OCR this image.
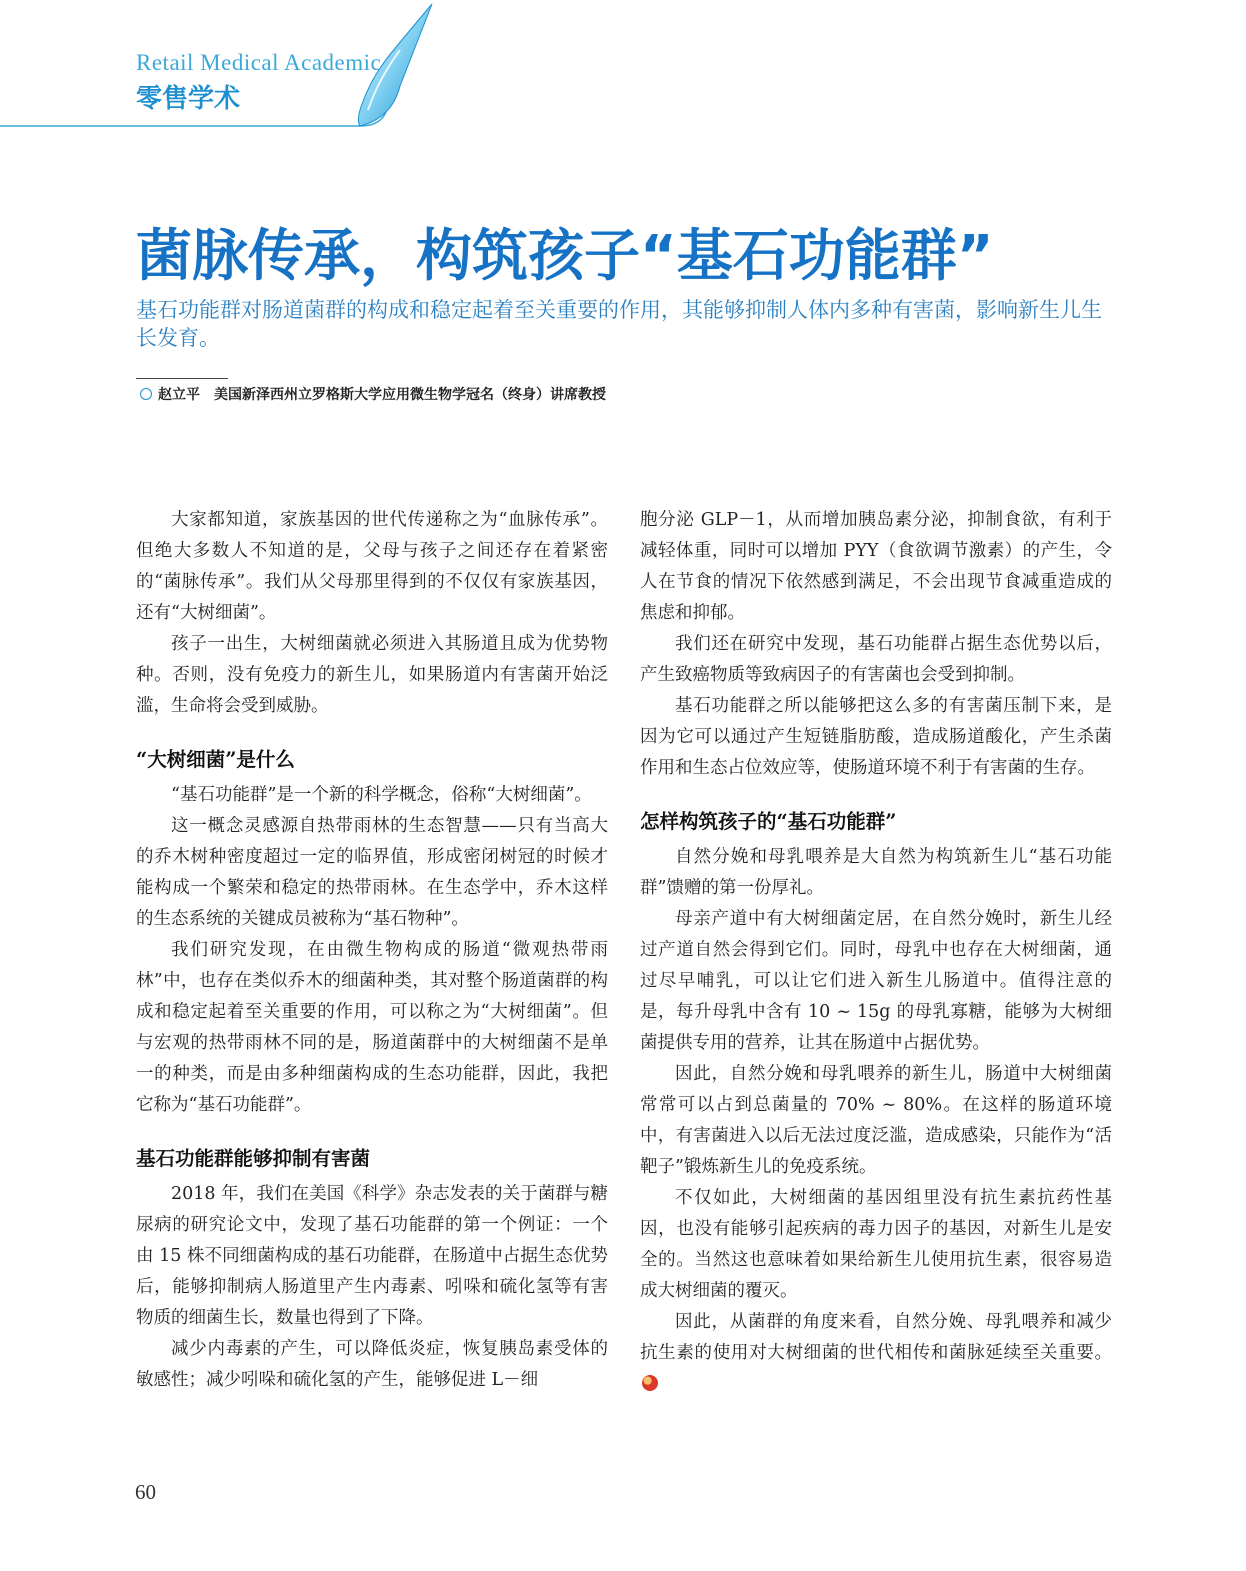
Retail Medical Academic
零售学术
菌脉传承，构筑孩子“基石功能群”
基石功能群对肠道菌群的构成和稳定起着至关重要的作用，其能够抑制人体内多种有害菌，影响新生儿生长发育。
赵立平 美国新泽西州立罗格斯大学应用微生物学冠名（终身）讲席教授

大家都知道，家族基因的世代传递称之为“血脉传承”。但绝大多数人不知道的是，父母与孩子之间还存在着紧密的“菌脉传承”。我们从父母那里得到的不仅仅有家族基因，还有“大树细菌”。

孩子一出生，大树细菌就必须进入其肠道且成为优势物种。否则，没有免疫力的新生儿，如果肠道内有害菌开始泛滥，生命将会受到威胁。

“大树细菌”是什么

“基石功能群”是一个新的科学概念，俗称“大树细菌”。

这一概念灵感源自热带雨林的生态智慧——只有当高大的乔木树种密度超过一定的临界值，形成密闭树冠的时候才能构成一个繁荣和稳定的热带雨林。在生态学中，乔木这样的生态系统的关键成员被称为“基石物种”。

我们研究发现，在由微生物构成的肠道“微观热带雨林”中，也存在类似乔木的细菌种类，其对整个肠道菌群的构成和稳定起着至关重要的作用，可以称之为“大树细菌”。但与宏观的热带雨林不同的是，肠道菌群中的大树细菌不是单一的种类，而是由多种细菌构成的生态功能群，因此，我把它称为“基石功能群”。

基石功能群能够抑制有害菌

2018 年，我们在美国《科学》杂志发表的关于菌群与糖尿病的研究论文中，发现了基石功能群的第一个例证：一个由 15 株不同细菌构成的基石功能群，在肠道中占据生态优势后，能够抑制病人肠道里产生内毒素、吲哚和硫化氢等有害物质的细菌生长，数量也得到了下降。

减少内毒素的产生，可以降低炎症，恢复胰岛素受体的敏感性；减少吲哚和硫化氢的产生，能够促进 L－细

胞分泌 GLP－1，从而增加胰岛素分泌，抑制食欲，有利于减轻体重，同时可以增加 PYY（食欲调节激素）的产生，令人在节食的情况下依然感到满足，不会出现节食减重造成的焦虑和抑郁。

我们还在研究中发现，基石功能群占据生态优势以后，产生致癌物质等致病因子的有害菌也会受到抑制。

基石功能群之所以能够把这么多的有害菌压制下来，是因为它可以通过产生短链脂肪酸，造成肠道酸化，产生杀菌作用和生态占位效应等，使肠道环境不利于有害菌的生存。

怎样构筑孩子的“基石功能群”

自然分娩和母乳喂养是大自然为构筑新生儿“基石功能群”馈赠的第一份厚礼。

母亲产道中有大树细菌定居，在自然分娩时，新生儿经过产道自然会得到它们。同时，母乳中也存在大树细菌，通过尽早哺乳，可以让它们进入新生儿肠道中。值得注意的是，每升母乳中含有 10 ~ 15g 的母乳寡糖，能够为大树细菌提供专用的营养，让其在肠道中占据优势。

因此，自然分娩和母乳喂养的新生儿，肠道中大树细菌常常可以占到总菌量的 70% ~ 80%。在这样的肠道环境中，有害菌进入以后无法过度泛滥，造成感染，只能作为“活靶子”锻炼新生儿的免疫系统。

不仅如此，大树细菌的基因组里没有抗生素抗药性基因，也没有能够引起疾病的毒力因子的基因，对新生儿是安全的。当然这也意味着如果给新生儿使用抗生素，很容易造成大树细菌的覆灭。

因此，从菌群的角度来看，自然分娩、母乳喂养和减少抗生素的使用对大树细菌的世代相传和菌脉延续至关重要。

60
